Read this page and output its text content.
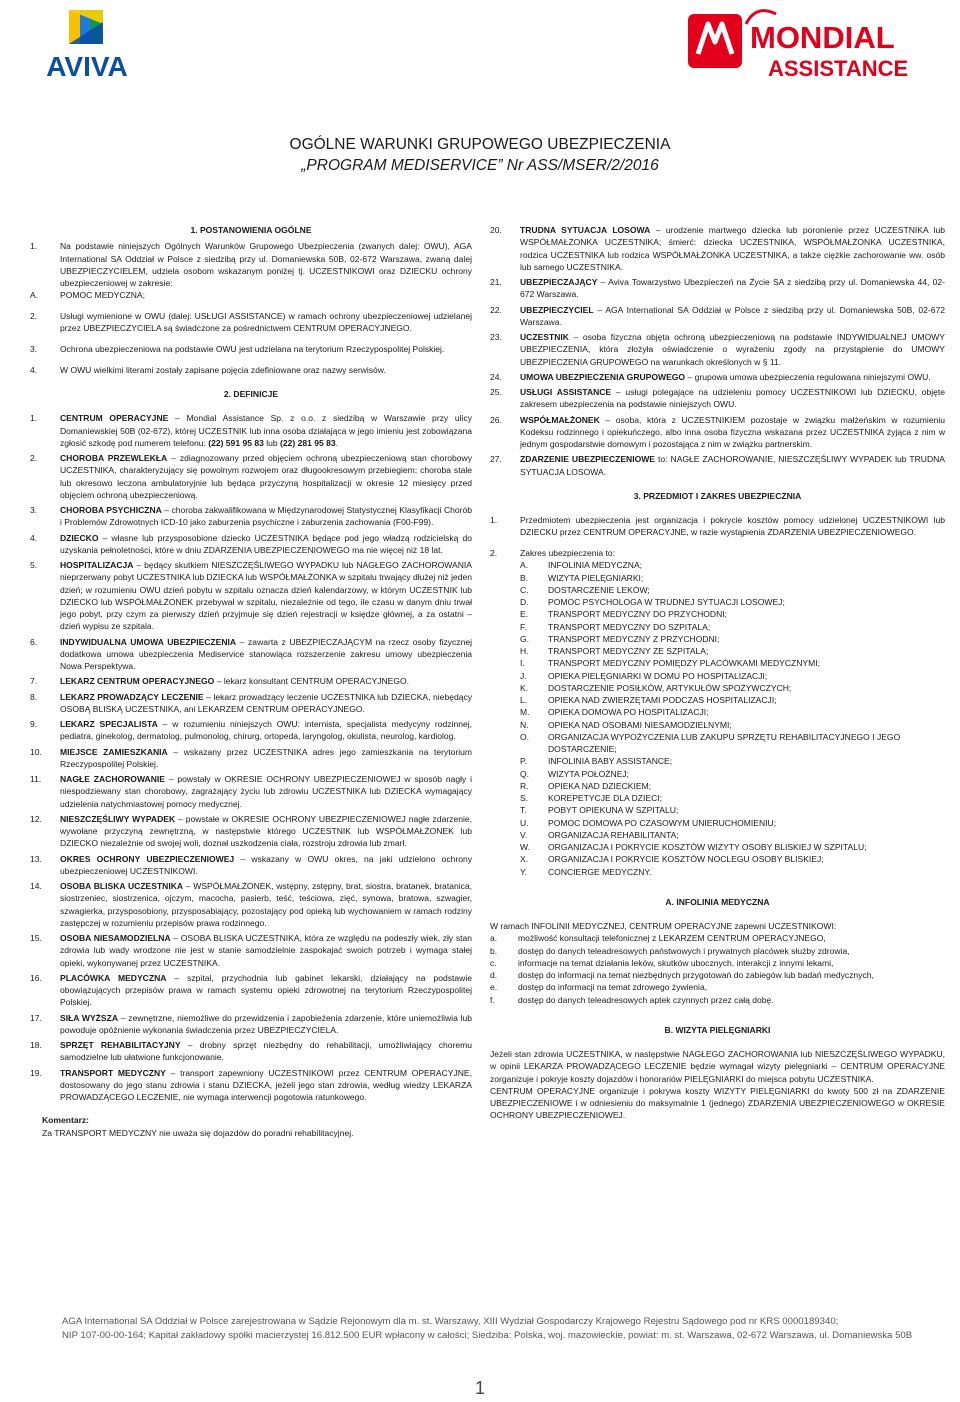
AVIVA
MONDIAL
ASSISTANCE
OGÓLNE WARUNKI GRUPOWEGO UBEZPIECZENIA
„PROGRAM MEDISERVICE” Nr ASS/MSER/2/2016
1. POSTANOWIENIA OGÓLNE
1.	Na podstawie niniejszych Ogólnych Warunków Grupowego Ubezpieczenia (zwanych dalej: OWU), AGA International SA Oddział w Polsce z siedzibą przy ul. Domaniewska 50B, 02-672 Warszawa, zwaną dalej UBEZPIECZYCIELEM, udziela osobom wskazanym poniżej tj. UCZESTNIKOWI oraz DZIECKU ochrony ubezpieczeniowej w zakresie:
A.	POMOC MEDYCZNA;
2.	Usługi wymienione w OWU (dalej: USŁUGI ASSISTANCE) w ramach ochrony ubezpieczeniowej udzielanej przez UBEZPIECZYCIELA są świadczone za pośrednictwem CENTRUM OPERACYJNEGO.
3.	Ochrona ubezpieczeniowa na podstawie OWU jest udzielana na terytorium Rzeczypospolitej Polskiej.
4.	W OWU wielkimi literami zostały zapisane pojęcia zdefiniowane oraz nazwy serwisów.
2. DEFINICJE
1.	CENTRUM OPERACYJNE – Mondial Assistance Sp. z o.o. z siedzibą w Warszawie przy ulicy Domaniewskiej 50B (02-672), której UCZESTNIK lub inna osoba działająca w jego imieniu jest zobowiązana zgłosić szkodę pod numerem telefonu: (22) 591 95 83 lub (22) 281 95 83.
2.	CHOROBA PRZEWLEKŁA – zdiagnozowany przed objęciem ochroną ubezpieczeniową stan chorobowy UCZESTNIKA, charakteryzujący się powolnym rozwojem oraz długookresowym przebiegiem; choroba stale lub okresowo leczona ambulatoryjnie lub będąca przyczyną hospitalizacji w okresie 12 miesięcy przed objęciem ochroną ubezpieczeniową.
3.	CHOROBA PSYCHICZNA – choroba zakwalifikowana w Międzynarodowej Statystycznej Klasyfikacji Chorób i Problemów Zdrowotnych ICD-10 jako zaburzenia psychiczne i zaburzenia zachowania (F00-F99).
4.	DZIECKO – własne lub przysposobione dziecko UCZESTNIKA będące pod jego władzą rodzicielską do uzyskania pełnoletności, które w dniu ZDARZENIA UBEZPIECZENIOWEGO ma nie więcej niż 18 lat.
5.	HOSPITALIZACJA – będący skutkiem NIESZCZĘŚLIWEGO WYPADKU lub NAGŁEGO ZACHOROWANIA nieprzerwany pobyt UCZESTNIKA lub DZIECKA lub WSPÓŁMAŁŻONKA w szpitalu trwający dłużej niż jeden dzień; w rozumieniu OWU dzień pobytu w szpitalu oznacza dzień kalendarzowy, w którym UCZESTNIK lub DZIECKO lub WSPÓŁMAŁŻONEK przebywał w szpitalu, niezależnie od tego, ile czasu w danym dniu trwał jego pobyt, przy czym za pierwszy dzień przyjmuje się dzień rejestracji w księdze głównej, a za ostatni – dzień wypisu ze szpitala.
6.	INDYWIDUALNA UMOWA UBEZPIECZENIA – zawarta z UBEZPIECZAJĄCYM na rzecz osoby fizycznej dodatkowa umowa ubezpieczenia Mediservice stanowiąca rozszerzenie zakresu umowy ubezpieczenia Nowa Perspektywa.
7.	LEKARZ CENTRUM OPERACYJNEGO – lekarz konsultant CENTRUM OPERACYJNEGO.
8.	LEKARZ PROWADZĄCY LECZENIE – lekarz prowadzący leczenie UCZESTNIKA lub DZIECKA, niebędący OSOBĄ BLISKĄ UCZESTNIKA, ani LEKARZEM CENTRUM OPERACYJNEGO.
9.	LEKARZ SPECJALISTA – w rozumieniu niniejszych OWU: internista, specjalista medycyny rodzinnej, pediatra, ginekolog, dermatolog, pulmonolog, chirurg, ortopeda, laryngolog, okulista, neurolog, kardiolog.
10.	MIEJSCE ZAMIESZKANIA – wskazany przez UCZESTNIKA adres jego zamieszkania na terytorium Rzeczypospolitej Polskiej.
11.	NAGŁE ZACHOROWANIE – powstały w OKRESIE OCHRONY UBEZPIECZENIOWEJ w sposób nagły i niespodziewany stan chorobowy, zagrażający życiu lub zdrowiu UCZESTNIKA lub DZIECKA wymagający udzielenia natychmiastowej pomocy medycznej.
12.	NIESZCZĘŚLIWY WYPADEK – powstałe w OKRESIE OCHRONY UBEZPIECZENIOWEJ nagłe zdarzenie, wywołane przyczyną zewnętrzną, w następstwie którego UCZESTNIK lub WSPÓŁMAŁŻONEK lub DZIECKO niezależnie od swojej woli, doznał uszkodzenia ciała, rozstroju zdrowia lub zmarł.
13.	OKRES OCHRONY UBEZPIECZENIOWEJ – wskazany w OWU okres, na jaki udzielono ochrony ubezpieczeniowej UCZESTNIKOWI.
14.	OSOBA BLISKA UCZESTNIKA – WSPÓŁMAŁŻONEK, wstępny, zstępny, brat, siostra, bratanek, bratanica, siostrzeniec, siostrzenica, ojczym, macocha, pasierb, teść, teściowa, zięć, synowa, bratowa, szwagier, szwagierka, przysposobiony, przysposabiający, pozostający pod opieką lub wychowaniem w ramach rodziny zastępczej w rozumieniu przepisów prawa rodzinnego.
15.	OSOBA NIESAMODZIELNA – OSOBA BLISKA UCZESTNIKA, która ze względu na podeszły wiek, zły stan zdrowia lub wady wrodzone nie jest w stanie samodzielnie zaspokajać swoich potrzeb i wymaga stałej opieki, wykonywanej przez UCZESTNIKA.
16.	PLACÓWKA MEDYCZNA – szpital, przychodnia lub gabinet lekarski, działający na podstawie obowiązujących przepisów prawa w ramach systemu opieki zdrowotnej na terytorium Rzeczypospolitej Polskiej.
17.	SIŁA WYŻSZA – zewnętrzne, niemożliwe do przewidzenia i zapobieżenia zdarzenie, które uniemożliwia lub powoduje opóźnienie wykonania świadczenia przez UBEZPIECZYCIELA.
18.	SPRZĘT REHABILITACYJNY – drobny sprzęt niezbędny do rehabilitacji, umożliwiający choremu samodzielne lub ułatwione funkcjonowanie.
19.	TRANSPORT MEDYCZNY – transport zapewniony UCZESTNIKOWI przez CENTRUM OPERACYJNE, dostosowany do jego stanu zdrowia i stanu DZIECKA, jeżeli jego stan zdrowia, według wiedzy LEKARZA PROWADZĄCEGO LECZENIE, nie wymaga interwencji pogotowia ratunkowego.
Komentarz:
Za TRANSPORT MEDYCZNY nie uważa się dojazdów do poradni rehabilitacyjnej.
20.	TRUDNA SYTUACJA LOSOWA – urodzenie martwego dziecka lub poronienie przez UCZESTNIKA lub WSPÓŁMAŁŻONKA UCZESTNIKA; śmierć: dziecka UCZESTNIKA, WSPÓŁMAŁŻONKA UCZESTNIKA, rodzica UCZESTNIKA lub rodzica WSPÓŁMAŁŻONKA UCZESTNIKA, a także ciężkie zachorowanie ww. osób lub samego UCZESTNIKA.
21.	UBEZPIECZAJĄCY – Aviva Towarzystwo Ubezpieczeń na Życie SA z siedzibą przy ul. Domaniewska 44, 02-672 Warszawa.
22.	UBEZPIECZYCIEL – AGA International SA Oddział w Polsce z siedzibą przy ul. Domaniewska 50B, 02-672 Warszawa.
23.	UCZESTNIK – osoba fizyczna objęta ochroną ubezpieczeniową na podstawie INDYWIDUALNEJ UMOWY UBEZPIECZENIA, która złożyła oświadczenie o wyrażeniu zgody na przystąpienie do UMOWY UBEZPIECZENIA GRUPOWEGO na warunkach określonych w § 11.
24.	UMOWA UBEZPIECZENIA GRUPOWEGO – grupowa umowa ubezpieczenia regulowana niniejszymi OWU.
25.	USŁUGI ASSISTANCE – usługi polegające na udzieleniu pomocy UCZESTNIKOWI lub DZIECKU, objęte zakresem ubezpieczenia na podstawie niniejszych OWU.
26.	WSPÓŁMAŁŻONEK – osoba, która z UCZESTNIKIEM pozostaje w związku małżeńskim w rozumieniu Kodeksu rodzinnego i opiekuńczego, albo inna osoba fizyczna wskazana przez UCZESTNIKA żyjąca z nim w jednym gospodarstwie domowym i pozostająca z nim w związku partnerskim.
27.	ZDARZENIE UBEZPIECZENIOWE to: NAGŁE ZACHOROWANIE, NIESZCZĘŚLIWY WYPADEK lub TRUDNA SYTUACJA LOSOWA.
3. PRZEDMIOT I ZAKRES UBEZPIECZNIA
1.	Przedmiotem ubezpieczenia jest organizacja i pokrycie kosztów pomocy udzielonej UCZESTNIKOWI lub DZIECKU przez CENTRUM OPERACYJNE, w razie wystąpienia ZDARZENIA UBEZPIECZENIOWEGO.
2.	Zakres ubezpieczenia to:
A.	INFOLINIA MEDYCZNA;
B.	WIZYTA PIELĘGNIARKI;
C.	DOSTARCZENIE LEKÓW;
D.	POMOC PSYCHOLOGA W TRUDNEJ SYTUACJI LOSOWEJ;
E.	TRANSPORT MEDYCZNY DO PRZYCHODNI;
F.	TRANSPORT MEDYCZNY DO SZPITALA;
G.	TRANSPORT MEDYCZNY Z PRZYCHODNI;
H.	TRANSPORT MEDYCZNY ZE SZPITALA;
I.	TRANSPORT MEDYCZNY POMIĘDZY PLACÓWKAMI MEDYCZNYMI;
J.	OPIEKA PIELĘGNIARKI W DOMU PO HOSPITALIZACJI;
K.	DOSTARCZENIE POSIŁKÓW, ARTYKUŁÓW SPOŻYWCZYCH;
L.	OPIEKA NAD ZWIERZĘTAMI PODCZAS HOSPITALIZACJI;
M.	OPIEKA DOMOWA PO HOSPITALIZACJI;
N.	OPIEKA NAD OSOBAMI NIESAMODZIELNYMI;
O.	ORGANIZACJA WYPOŻYCZENIA LUB ZAKUPU SPRZĘTU REHABILITACYJNEGO I JEGO DOSTARCZENIE;
P.	INFOLINIA BABY ASSISTANCE;
Q.	WIZYTA POŁOŻNEJ;
R.	OPIEKA NAD DZIECKIEM;
S.	KOREPETYCJE DLA DZIECI;
T.	POBYT OPIEKUNA W SZPITALU;
U.	POMOC DOMOWA PO CZASOWYM UNIERUCHOMIENIU;
V.	ORGANIZACJA REHABILITANTA;
W.	ORGANIZACJA I POKRYCIE KOSZTÓW WIZYTY OSOBY BLISKIEJ W SZPITALU;
X.	ORGANIZACJA I POKRYCIE KOSZTÓW NOCLEGU OSOBY BLISKIEJ;
Y.	CONCIERGE MEDYCZNY.
A. INFOLINIA MEDYCZNA

W ramach INFOLINII MEDYCZNEJ, CENTRUM OPERACYJNE zapewni UCZESTNIKOWI:

a.	możliwość konsultacji telefonicznej z LEKARZEM CENTRUM OPERACYJNEGO,
b.	dostęp do danych teleadresowych państwowych i prywatnych placówek służby zdrowia,
c.	informacje na temat działania leków, skutków ubocznych, interakcji z innymi lekami,
d.	dostęp do informacji na temat niezbędnych przygotowań do zabiegów lub badań medycznych,
e.	dostęp do informacji na temat zdrowego żywienia,
f.	dostęp do danych teleadresowych aptek czynnych przez całą dobę.
B. WIZYTA PIELĘGNIARKI

Jeżeli stan zdrowia UCZESTNIKA, w następstwie NAGŁEGO ZACHOROWANIA lub NIESZCZĘŚLIWEGO WYPADKU, w opinii LEKARZA PROWADZĄCEGO LECZENIE będzie wymagał wizyty pielęgniarki – CENTRUM OPERACYJNE zorganizuje i pokryje koszty dojazdów i honorariów PIELĘGNIARKI do miejsca pobytu UCZESTNIKA.

CENTRUM OPERACYJNE organizuje i pokrywa koszty WIZYTY PIELĘGNIARKI do kwoty 500 zł na ZDARZENIE UBEZPIECZENIOWE i w odniesieniu do maksymalnie 1 (jednego) ZDARZENIA UBEZPIECZENIOWEGO w OKRESIE OCHRONY UBEZPIECZENIOWEJ.

AGA International SA Oddział w Polsce zarejestrowana w Sądzie Rejonowym dla m. st. Warszawy, XIII Wydział Gospodarczy Krajowego Rejestru Sądowego pod nr KRS 0000189340;
NIP 107-00-00-164; Kapitał zakładowy spółki macierzystej 16.812.500 EUR wpłacony w całości; Siedziba: Polska, woj. mazowieckie, powiat: m. st. Warszawa, 02-672 Warszawa, ul. Domaniewska 50B
1
